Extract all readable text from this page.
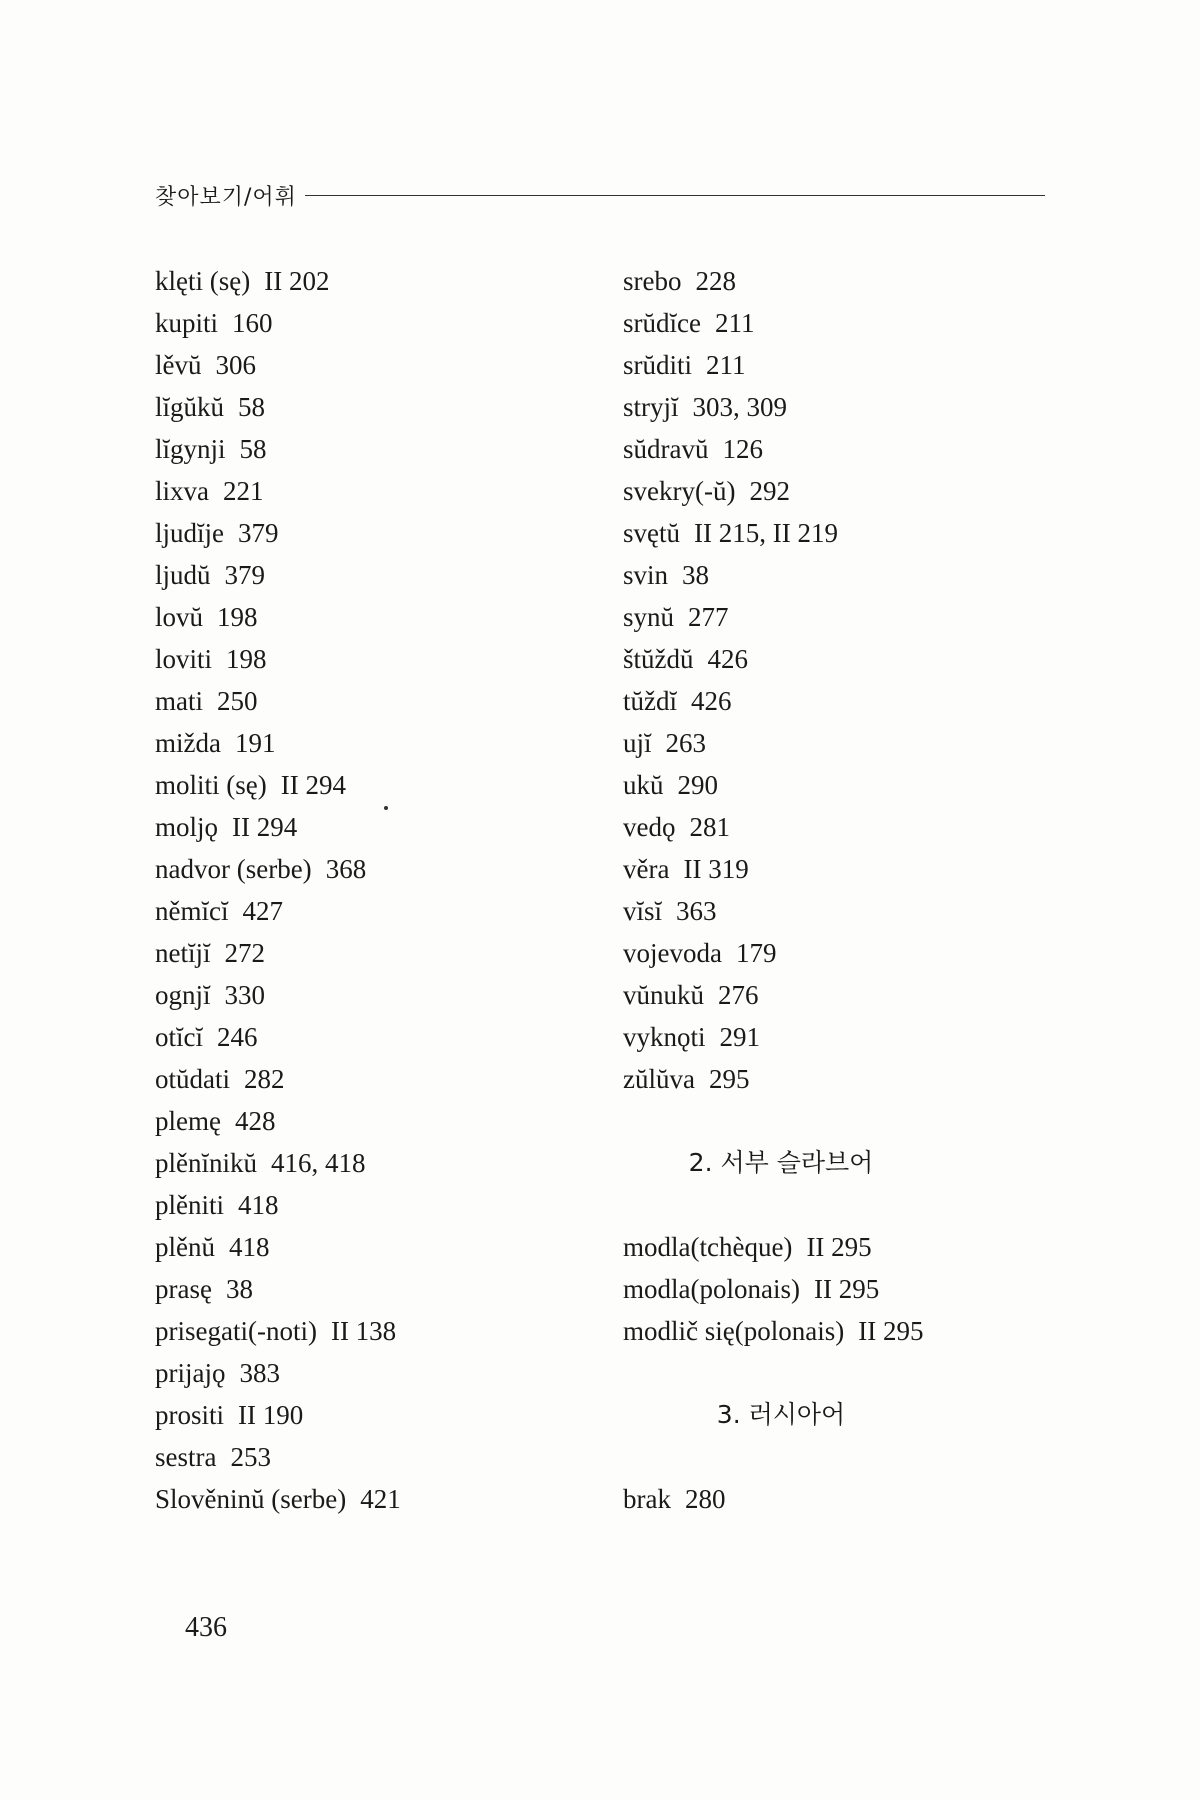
찾아보기/어휘
klęti (sę) II 202
kupiti 160
lěvŭ 306
lĭgŭkŭ 58
lĭgynji 58
lixva 221
ljudĭje 379
ljudŭ 379
lovŭ 198
loviti 198
mati 250
mižda 191
moliti (sę) II 294
moljǫ II 294
nadvor (serbe) 368
němĭcĭ 427
netĭjĭ 272
ognjĭ 330
otĭcĭ 246
otŭdati 282
plemę 428
plěnĭnikŭ 416, 418
plěniti 418
plěnŭ 418
prasę 38
prisegati(-noti) II 138
prijajǫ 383
prositi II 190
sestra 253
Slověninŭ (serbe) 421
srebo 228
srŭdĭce 211
srŭditi 211
stryjĭ 303, 309
sŭdravŭ 126
svekry(-ŭ) 292
svętŭ II 215, II 219
svin 38
synŭ 277
štŭždŭ 426
tŭždĭ 426
ujĭ 263
ukŭ 290
vedǫ 281
věra II 319
vĭsĭ 363
vojevoda 179
vŭnukŭ 276
vyknǫti 291
zŭlŭva 295
2. 서부 슬라브어
modla(tchèque) II 295
modla(polonais) II 295
modlič się(polonais) II 295
3. 러시아어
brak 280
436
